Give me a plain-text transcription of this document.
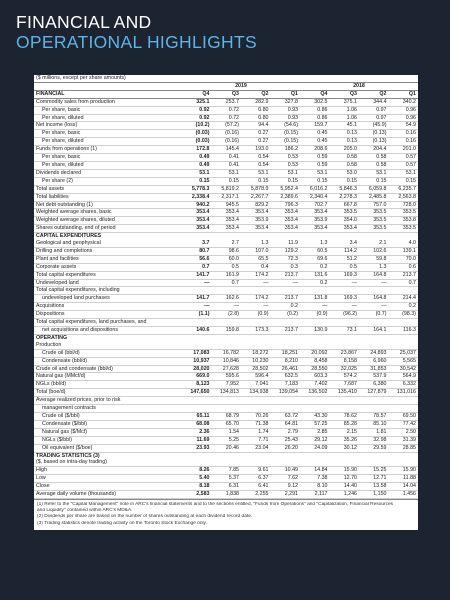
FINANCIAL AND
OPERATIONAL HIGHLIGHTS
($ millions, except per share amounts)								
	2019				2018			
FINANCIAL	Q4	Q3	Q2	Q1	Q4	Q3	Q2	Q1
Commodity sales from production	325.1	253.7	282.9	327.8	302.5	375.1	344.4	340.2
Per share, basic	0.92	0.72	0.80	0.93	0.86	1.06	0.97	0.96
Per share, diluted	0.92	0.72	0.80	0.93	0.86	1.06	0.97	0.96
Net income (loss)	(10.2)	(57.2)	94.4	(54.6)	159.7	45.1	(45.9)	54.9
Per share, basic	(0.03)	(0.16)	0.27	(0.15)	0.45	0.13	(0.13)	0.16
Per share, diluted	(0.03)	(0.16)	0.27	(0.15)	0.45	0.13	(0.13)	0.16
Funds from operations (1)	172.8	145.4	193.0	186.2	208.6	205.0	204.4	201.0
Per share, basic	0.49	0.41	0.54	0.53	0.59	0.58	0.58	0.57
Per share, diluted	0.49	0.41	0.54	0.53	0.59	0.58	0.58	0.57
Dividends declared	53.1	53.1	53.1	53.1	53.1	53.0	53.1	53.1
Per share (2)	0.15	0.15	0.15	0.15	0.15	0.15	0.15	0.15
Total assets	5,778.3	5,819.2	5,878.9	5,952.4	6,016.2	5,846.3	6,059.8	6,235.7
Total liabilities	2,338.4	2,317.1	2,267.7	2,389.6	2,340.4	2,278.3	2,485.8	2,563.8
Net debt outstanding (1)	940.2	945.5	829.2	796.3	702.7	667.8	757.0	728.0
Weighted average shares, basic	353.4	353.4	353.4	353.4	353.4	353.5	353.5	353.5
Weighted average shares, diluted	353.4	353.4	353.9	353.4	353.9	354.0	353.5	353.8
Shares outstanding, end of period	353.4	353.4	353.4	353.4	353.4	353.4	353.5	353.5
CAPITAL EXPENDITURES								
Geological and geophysical	3.7	2.7	1.3	11.9	1.3	3.4	2.1	4.0
Drilling and completions	80.7	98.6	107.0	129.2	60.5	114.2	102.6	139.1
Plant and facilities	56.6	60.0	65.5	72.3	69.6	51.2	59.8	70.0
Corporate assets	0.7	0.5	0.4	0.3	0.2	0.5	1.3	0.6
Total capital expenditures	141.7	161.9	174.2	213.7	131.6	169.3	164.8	213.7
Undeveloped land	—	0.7	—	—	0.2	—	—	0.7
Total capital expenditures, including								
undeveloped land purchases	141.7	162.6	174.2	213.7	131.8	169.3	164.8	214.4
Acquisitions	—	—	—	0.2	—	—	—	0.2
Dispositions	(1.1)	(2.8)	(0.9)	(0.2)	(0.9)	(96.2)	(0.7)	(98.3)
Total capital expenditures, land purchases, and								
net acquisitions and dispositions	140.6	159.8	173.3	213.7	130.9	73.1	164.1	116.3
OPERATING								
Production								
Crude oil (bbl/d)	17,083	16,782	18,272	18,251	20,092	23,867	24,893	25,037
Condensate (bbl/d)	10,937	10,846	10,230	8,210	8,458	8,158	6,960	5,565
Crude oil and condensate (bbl/d)	28,020	27,628	28,502	26,461	28,550	32,025	31,853	30,542
Natural gas (MMcf/d)	669.0	595.6	596.4	632.5	603.3	574.2	537.9	564.9
NGLs (bbl/d)	8,123	7,952	7,041	7,183	7,402	7,687	6,380	6,332
Total (boe/d)	147,650	134,813	134,938	139,054	136,502	135,410	127,879	131,016
Average realized prices, prior to risk								
management contracts								
Crude oil ($/bbl)	65.11	68.79	70.26	63.72	43.30	78.62	78.57	69.50
Condensate ($/bbl)	68.08	65.70	71.38	64.81	57.25	85.28	85.10	77.42
Natural gas ($/Mcf)	2.36	1.54	1.74	2.79	2.85	2.15	1.81	2.50
NGLs ($/bbl)	11.69	5.25	7.71	25.43	29.12	35.26	32.98	31.39
Oil equivalent ($/boe)	23.93	20.46	23.04	26.20	24.09	30.12	29.59	28.85
TRADING STATISTICS (3)								
($, based on intra-day trading)								
High	8.26	7.85	9.61	10.49	14.84	15.90	15.25	15.90
Low	5.40	5.37	6.37	7.62	7.38	12.70	12.71	11.88
Close	8.18	6.31	6.41	9.12	8.10	14.40	13.58	14.04
Average daily volume (thousands)	2,583	1,838	2,255	2,291	2,117	1,246	1,150	1,456
(1) Refer to the "Capital Management" note in ARC's financial statements and to the sections entitled, "Funds from Operations" and "Capitalization, Financial Resources
and Liquidity" contained within ARC's MD&A.
(2) Dividends per share are based on the number of shares outstanding at each dividend record date.
(3) Trading statistics denote trading activity on the Toronto Stock Exchange only.
